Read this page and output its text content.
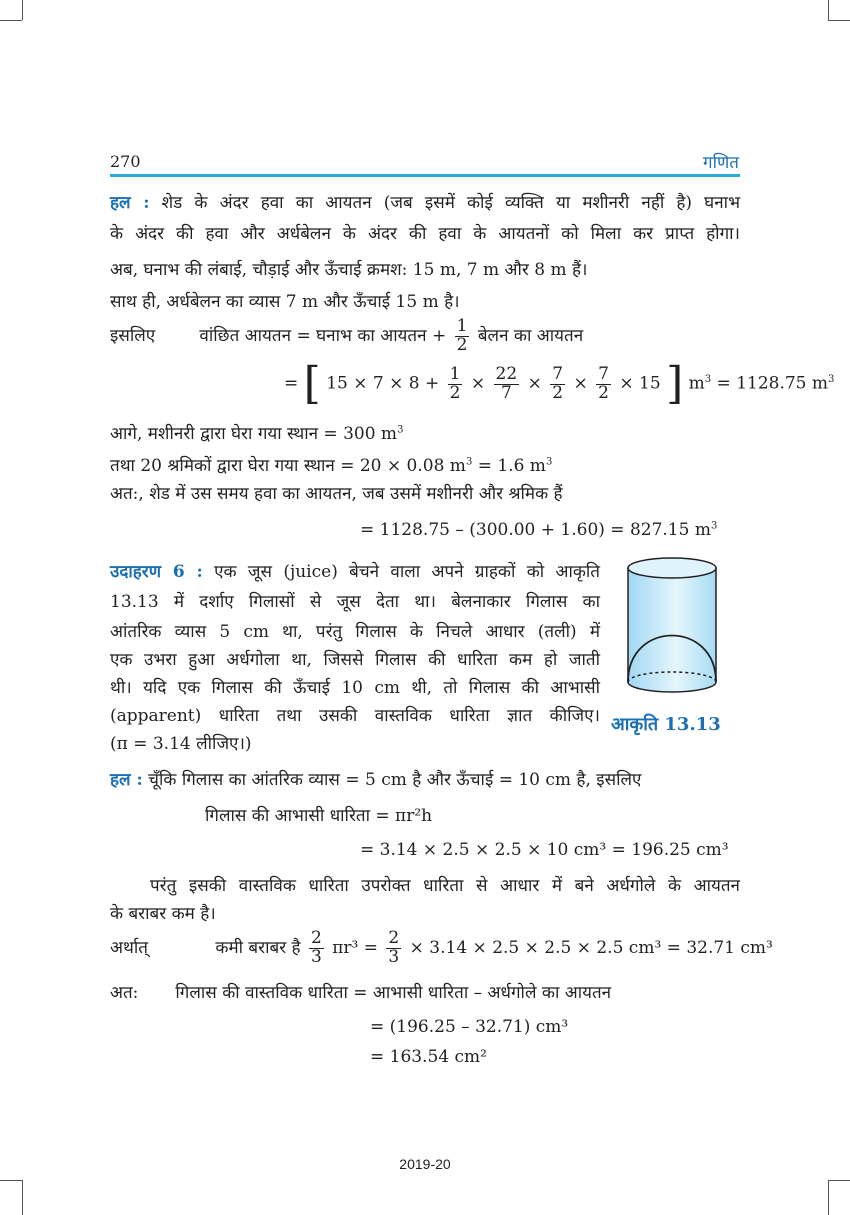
270	गणित
हल : शेड के अंदर हवा का आयतन (जब इसमें कोई व्यक्ति या मशीनरी नहीं है) घनाभ
के अंदर की हवा और अर्धबेलन के अंदर की हवा के आयतनों को मिला कर प्राप्त होगा।
अब, घनाभ की लंबाई, चौड़ाई और ऊँचाई क्रमश: 15 m, 7 m और 8 m हैं।
साथ ही, अर्धबेलन का व्यास 7 m और ऊँचाई 15 m है।
इसलिए	वांछित आयतन = घनाभ का आयतन + $\frac{1}{2}$ बेलन का आयतन
= [ $15 \times 7 \times 8 + \frac{1}{2} \times \frac{22}{7} \times \frac{7}{2} \times \frac{7}{2} \times 15$ ] $m^3 = 1128.75$ $m^3$
आगे, मशीनरी द्वारा घेरा गया स्थान = 300 $m^3$
तथा 20 श्रमिकों द्वारा घेरा गया स्थान = 20 × 0.08 $m^3 = 1.6$ $m^3$
अत:, शेड में उस समय हवा का आयतन, जब उसमें मशीनरी और श्रमिक हैं
= 1128.75 – (300.00 + 1.60) = 827.15 $m^3$
उदाहरण 6 : एक जूस (juice) बेचने वाला अपने ग्राहकों को आकृति
13.13 में दर्शाए गिलासों से जूस देता था। बेलनाकार गिलास का
आंतरिक व्यास 5 cm था, परंतु गिलास के निचले आधार (तली) में
एक उभरा हुआ अर्धगोला था, जिससे गिलास की धारिता कम हो जाती
थी। यदि एक गिलास की ऊँचाई 10 cm थी, तो गिलास की आभासी
(apparent) धारिता तथा उसकी वास्तविक धारिता ज्ञात कीजिए।
(π = 3.14 लीजिए।)
आकृति 13.13
हल : चूँकि गिलास का आंतरिक व्यास = 5 cm है और ऊँचाई = 10 cm है, इसलिए
गिलास की आभासी धारिता = πr²h
= 3.14 × 2.5 × 2.5 × 10 cm³ = 196.25 cm³
परंतु इसकी वास्तविक धारिता उपरोक्त धारिता से आधार में बने अर्धगोले के आयतन
के बराबर कम है।
अर्थात्	कमी बराबर है $\frac{2}{3} \pi r^3 = \frac{2}{3} \times 3.14 \times 2.5 \times 2.5 \times 2.5$ cm³ = 32.71 cm³
अत: गिलास की वास्तविक धारिता = आभासी धारिता – अर्धगोले का आयतन
= (196.25 – 32.71) cm³
= 163.54 cm²
2019-20
